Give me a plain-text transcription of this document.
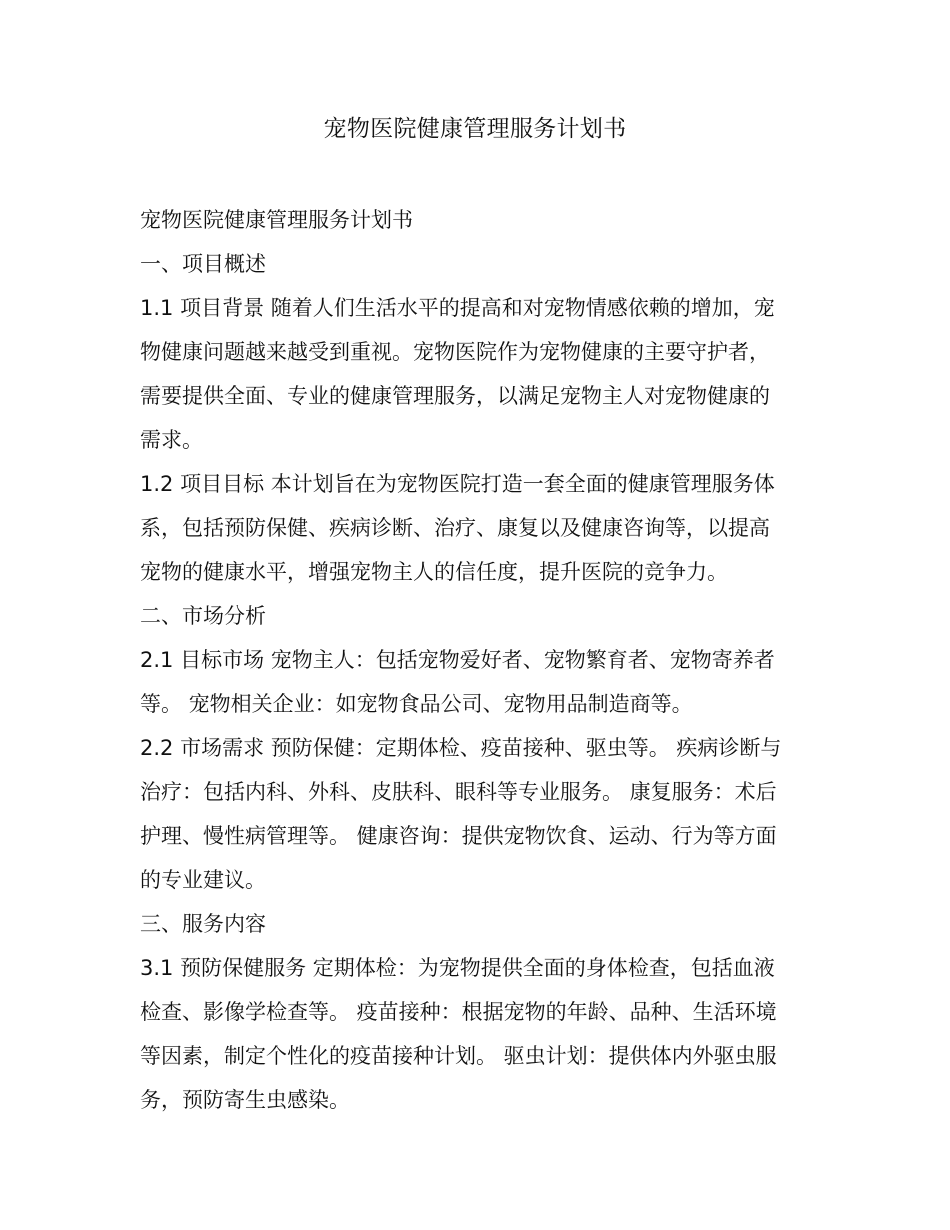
宠物医院健康管理服务计划书
宠物医院健康管理服务计划书
一、项目概述
1.1 项目背景 随着人们生活水平的提高和对宠物情感依赖的增加，宠
物健康问题越来越受到重视。宠物医院作为宠物健康的主要守护者，
需要提供全面、专业的健康管理服务，以满足宠物主人对宠物健康的
需求。
1.2 项目目标 本计划旨在为宠物医院打造一套全面的健康管理服务体
系，包括预防保健、疾病诊断、治疗、康复以及健康咨询等，以提高
宠物的健康水平，增强宠物主人的信任度，提升医院的竞争力。
二、市场分析
2.1 目标市场 宠物主人：包括宠物爱好者、宠物繁育者、宠物寄养者
等。 宠物相关企业：如宠物食品公司、宠物用品制造商等。
2.2 市场需求 预防保健：定期体检、疫苗接种、驱虫等。 疾病诊断与
治疗：包括内科、外科、皮肤科、眼科等专业服务。 康复服务：术后
护理、慢性病管理等。 健康咨询：提供宠物饮食、运动、行为等方面
的专业建议。
三、服务内容
3.1 预防保健服务 定期体检：为宠物提供全面的身体检查，包括血液
检查、影像学检查等。 疫苗接种：根据宠物的年龄、品种、生活环境
等因素，制定个性化的疫苗接种计划。 驱虫计划：提供体内外驱虫服
务，预防寄生虫感染。
